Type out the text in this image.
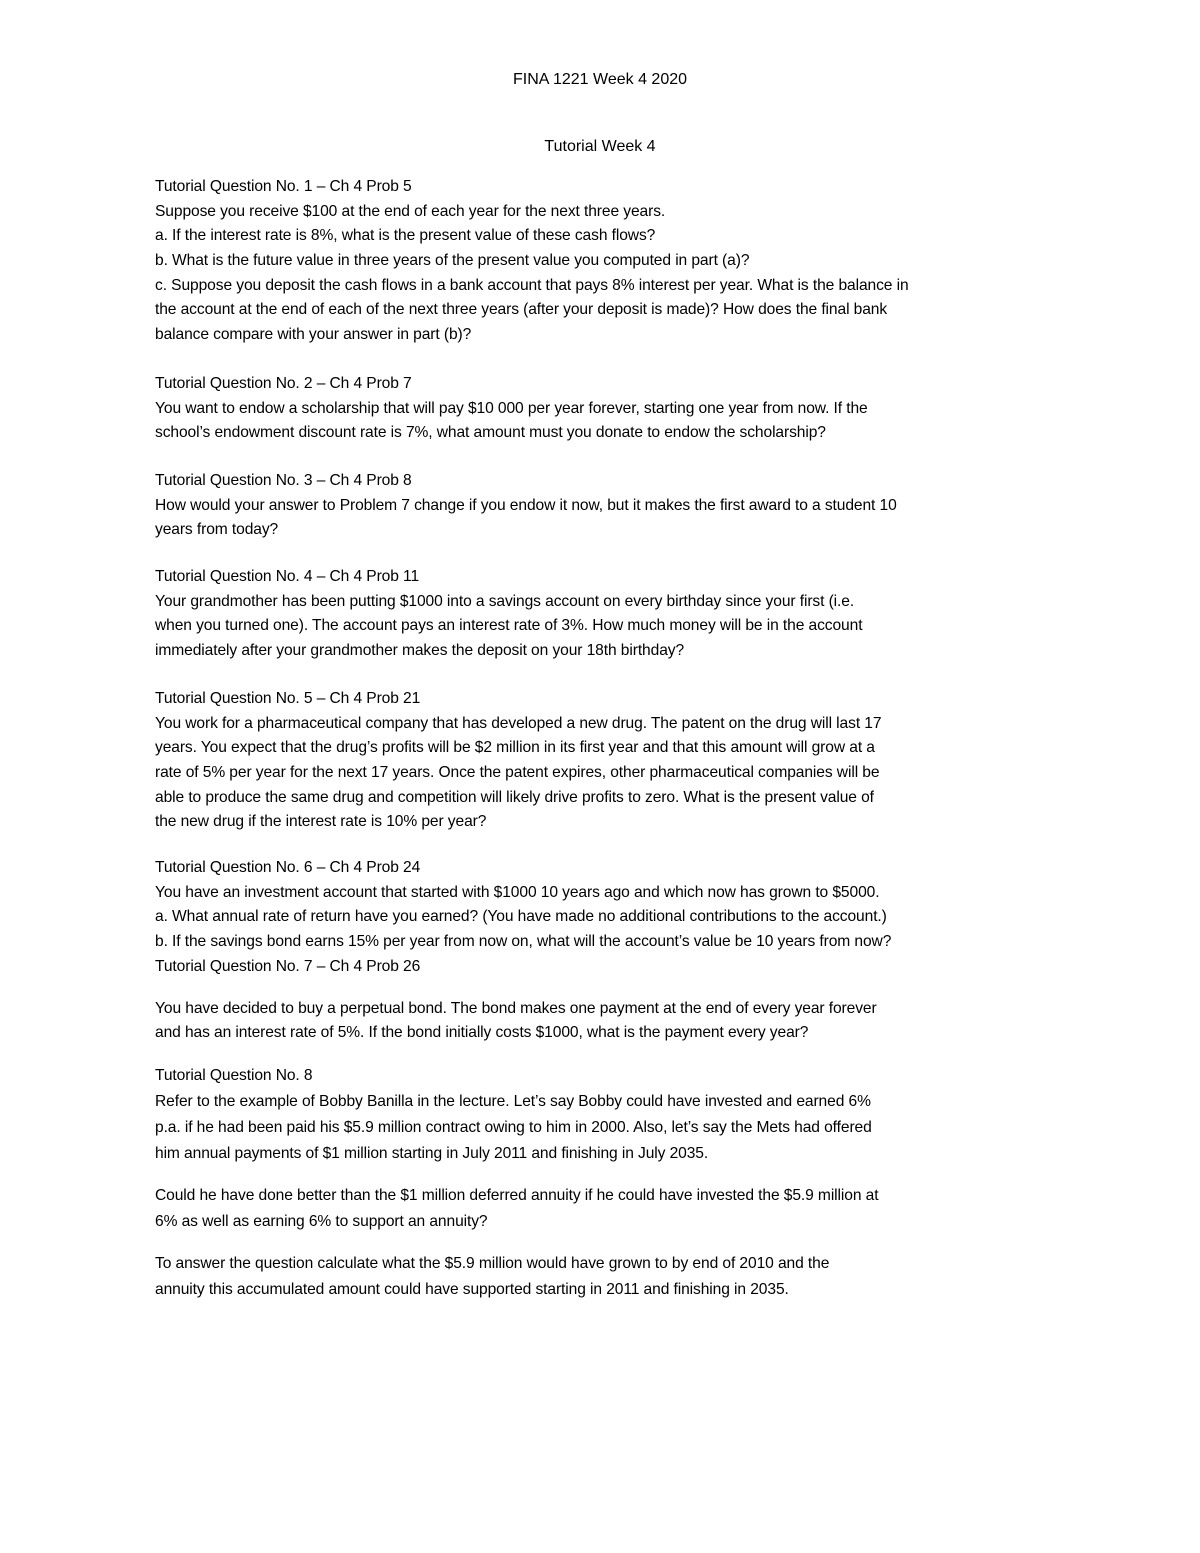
FINA 1221 Week 4 2020
Tutorial Week 4
Tutorial Question No. 1 – Ch 4 Prob 5
Suppose you receive $100 at the end of each year for the next three years.
a. If the interest rate is 8%, what is the present value of these cash flows?
b. What is the future value in three years of the present value you computed in part (a)?
c. Suppose you deposit the cash flows in a bank account that pays 8% interest per year. What is the balance in
the account at the end of each of the next three years (after your deposit is made)? How does the final bank
balance compare with your answer in part (b)?
Tutorial Question No. 2 – Ch 4 Prob 7
You want to endow a scholarship that will pay $10 000 per year forever, starting one year from now. If the
school’s endowment discount rate is 7%, what amount must you donate to endow the scholarship?
Tutorial Question No. 3 – Ch 4 Prob 8
How would your answer to Problem 7 change if you endow it now, but it makes the first award to a student 10
years from today?
Tutorial Question No. 4 – Ch 4 Prob 11
Your grandmother has been putting $1000 into a savings account on every birthday since your first (i.e.
when you turned one). The account pays an interest rate of 3%. How much money will be in the account
immediately after your grandmother makes the deposit on your 18th birthday?
Tutorial Question No. 5 – Ch 4 Prob 21
You work for a pharmaceutical company that has developed a new drug. The patent on the drug will last 17
years. You expect that the drug’s profits will be $2 million in its first year and that this amount will grow at a
rate of 5% per year for the next 17 years. Once the patent expires, other pharmaceutical companies will be
able to produce the same drug and competition will likely drive profits to zero. What is the present value of
the new drug if the interest rate is 10% per year?
Tutorial Question No. 6 – Ch 4 Prob 24
You have an investment account that started with $1000 10 years ago and which now has grown to $5000.
a. What annual rate of return have you earned? (You have made no additional contributions to the account.)
b. If the savings bond earns 15% per year from now on, what will the account’s value be 10 years from now?
Tutorial Question No. 7 – Ch 4 Prob 26
You have decided to buy a perpetual bond. The bond makes one payment at the end of every year forever
and has an interest rate of 5%. If the bond initially costs $1000, what is the payment every year?
Tutorial Question No. 8
Refer to the example of Bobby Banilla in the lecture. Let’s say Bobby could have invested and earned 6%
p.a. if he had been paid his $5.9 million contract owing to him in 2000. Also, let’s say the Mets had offered
him annual payments of $1 million starting in July 2011 and finishing in July 2035.
Could he have done better than the $1 million deferred annuity if he could have invested the $5.9 million at
6% as well as earning 6% to support an annuity?
To answer the question calculate what the $5.9 million would have grown to by end of 2010 and the
annuity this accumulated amount could have supported starting in 2011 and finishing in 2035.
